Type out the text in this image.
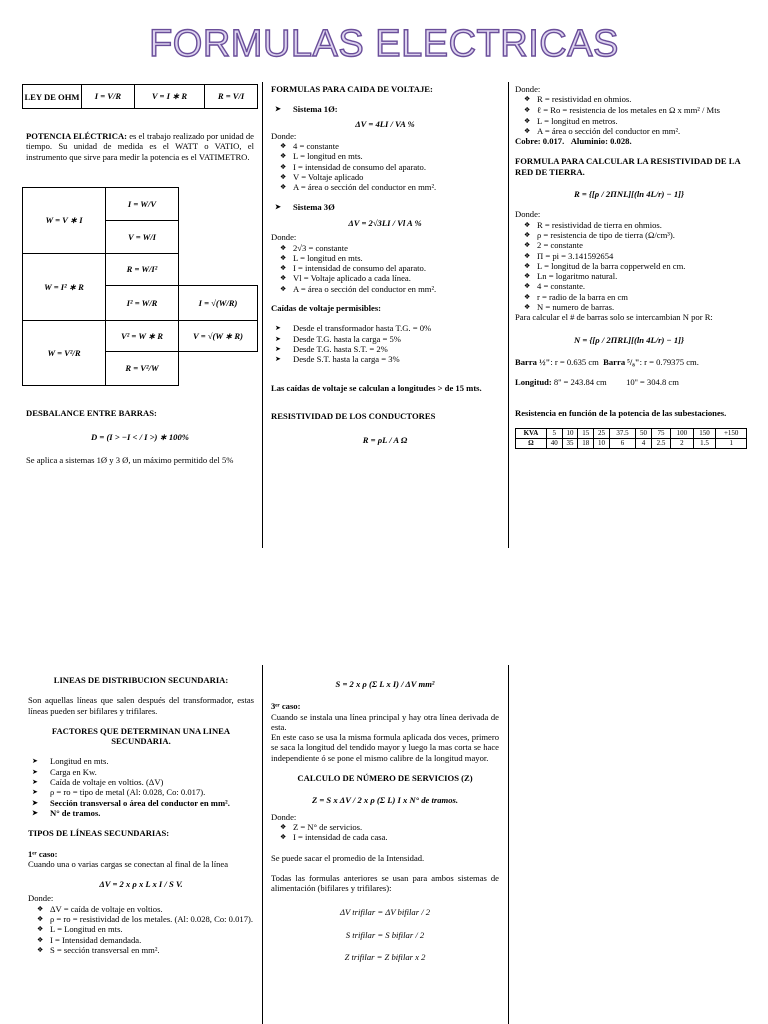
FORMULAS ELECTRICAS
LEY DE OHM	I = V/R	V = I ∗ R	R = V/I
POTENCIA ELÉCTRICA: es el trabajo realizado por unidad de tiempo. Su unidad de medida es el WATT o VATIO, el instrumento que sirve para medir la potencia es el VATIMETRO.
W = V ∗ I	I = W/V	
	V = W/I	
W = I² ∗ R	R = W/I²	
	I² = W/R	I = √(W/R)
W = V²/R	V² = W ∗ R	V = √(W ∗ R)
	R = V²/W	

DESBALANCE ENTRE BARRAS:

D = (I > −I < / I >) ∗ 100%

Se aplica a sistemas 1Ø y 3 Ø, un máximo permitido del 5%

FORMULAS PARA CAIDA DE VOLTAJE:

➤ Sistema 1Ø:

ΔV = 4LI / VA %

Donde:

❖ 4 = constante
❖ L = longitud en mts.
❖ I = intensidad de consumo del aparato.
❖ V = Voltaje aplicado
❖ A = área o sección del conductor en mm².
➤ Sistema 3Ø

ΔV = 2√3LI / Vl A %

Donde:

❖ 2√3 = constante
❖ L = longitud en mts.
❖ I = intensidad de consumo del aparato.
❖ Vl = Voltaje aplicado a cada línea.
❖ A = área o sección del conductor en mm².

Caídas de voltaje permisibles:

➤ Desde el transformador hasta T.G. = 0%
➤ Desde T.G. hasta la carga = 5%
➤ Desde T.G. hasta S.T. = 2%
➤ Desde S.T. hasta la carga = 3%

Las caídas de voltaje se calculan a longitudes > de 15 mts.

RESISTIVIDAD DE LOS CONDUCTORES

R = ρL / A Ω

Donde:

❖ R = resistividad en ohmios.
❖ ℓ = Ro = resistencia de los metales en Ω x mm² / Mts
❖ L = longitud en metros.
❖ A = área o sección del conductor en mm².

Cobre: 0.017. Aluminio: 0.028.

FORMULA PARA CALCULAR LA RESISTIVIDAD DE LA RED DE TIERRA.

R = {[ρ / 2ΠNL][(ln 4L/r) − 1]}

Donde:

❖ R = resistividad de tierra en ohmios.
❖ ρ = resistencia de tipo de tierra (Ω/cm³).
❖ 2 = constante
❖ Π = pi = 3.141592654
❖ L = longitud de la barra copperweld en cm.
❖ Ln = logaritmo natural.
❖ 4 = constante.
❖ r = radio de la barra en cm
❖ N = numero de barras.

Para calcular el # de barras solo se intercambian N por R:

N = {[ρ / 2ΠRL][(ln 4L/r) − 1]}

Barra ½": r = 0.635 cm Barra ⁵/₈": r = 0.79375 cm.

Longitud: 8'' = 243.84 cm 10'' = 304.8 cm

Resistencia en función de la potencia de las subestaciones.

KVA	5	10	15	25	37.5	50	75	100	150	+150
Ω	40	35	18	10	6	4	2.5	2	1.5	1

LINEAS DE DISTRIBUCION SECUNDARIA:

Son aquellas líneas que salen después del transformador, estas líneas pueden ser bifilares y trifilares.

FACTORES QUE DETERMINAN UNA LINEA SECUNDARIA.

➤ Longitud en mts.
➤ Carga en Kw.
➤ Caída de voltaje en voltios. (ΔV)
➤ ρ = ro = tipo de metal (Al: 0.028, Co: 0.017).
➤ Sección transversal o área del conductor en mm².
➤ N° de tramos.

TIPOS DE LÍNEAS SECUNDARIAS:

1ᵉʳ caso:

Cuando una o varias cargas se conectan al final de la línea

ΔV = 2 x ρ x L x I / S V.

Donde:

❖ ΔV = caída de voltaje en voltios.
❖ ρ = ro = resistividad de los metales. (Al: 0.028, Co: 0.017).
❖ L = Longitud en mts.
❖ I = Intensidad demandada.
❖ S = sección transversal en mm².

S = 2 x ρ (Σ L x I) / ΔV mm²

3ᵉʳ caso:

Cuando se instala una línea principal y hay otra línea derivada de esta.
En este caso se usa la misma formula aplicada dos veces, primero se saca la longitud del tendido mayor y luego la mas corta se hace independiente ó se pone el mismo calibre de la longitud mayor.

CALCULO DE NÚMERO DE SERVICIOS (Z)

Z = S x ΔV / 2 x ρ (Σ L) I x N° de tramos.

Donde:

❖ Z = N° de servicios.
❖ I = intensidad de cada casa.

Se puede sacar el promedio de la Intensidad.

Todas las formulas anteriores se usan para ambos sistemas de alimentación (bifilares y trifilares):

ΔV trifilar = ΔV bifilar / 2

S trifilar = S bifilar / 2

Z trifilar = Z bifilar x 2
